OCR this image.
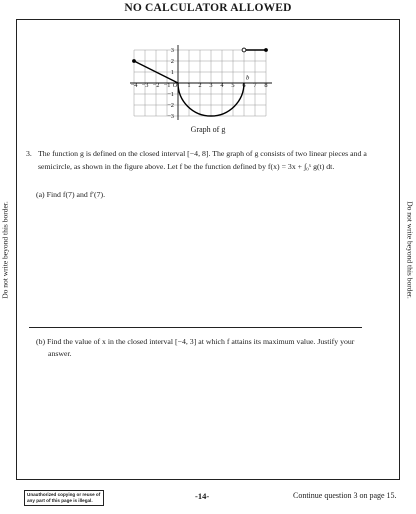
NO CALCULATOR ALLOWED
Do not write beyond this border.	Do not write beyond this border.
−4 −3 −2 −1 O 1 2 3 4 5 6 7 8
3
2
1
−1
−2
−3
b
Graph of g
3. The function g is defined on the closed interval [−4, 8]. The graph of g consists of two linear pieces and a
semicircle, as shown in the figure above. Let f be the function defined by f(x) = 3x + ∫₀ˣ g(t) dt.
(a) Find f(7) and f′(7).
(b) Find the value of x in the closed interval [−4, 3] at which f attains its maximum value. Justify your
answer.
Unauthorized copying or reuse of
any part of this page is illegal.	-14-	Continue question 3 on page 15.
